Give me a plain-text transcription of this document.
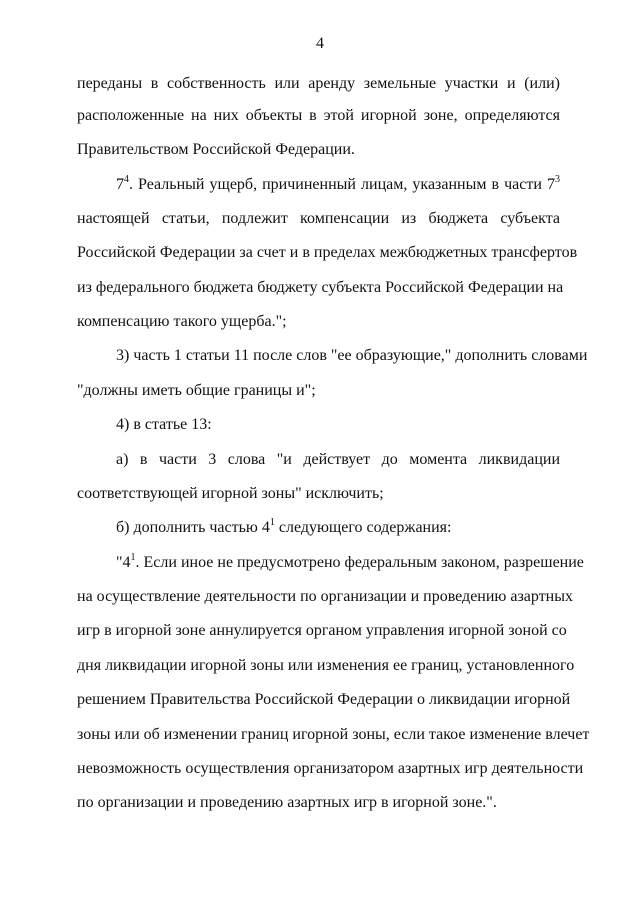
4
переданы в собственность или аренду земельные участки и (или)
расположенные на них объекты в этой игорной зоне, определяются
Правительством Российской Федерации.
$7^4$. Реальный ущерб, причиненный лицам, указанным в части $7^3$
настоящей статьи, подлежит компенсации из бюджета субъекта
Российской Федерации за счет и в пределах межбюджетных трансфертов
из федерального бюджета бюджету субъекта Российской Федерации на
компенсацию такого ущерба.";
3) часть 1 статьи 11 после слов "ее образующие," дополнить словами
"должны иметь общие границы и";
4) в статье 13:
а) в части 3 слова "и действует до момента ликвидации
соответствующей игорной зоны" исключить;
б) дополнить частью $4^1$ следующего содержания:
"$4^1$. Если иное не предусмотрено федеральным законом, разрешение
на осуществление деятельности по организации и проведению азартных
игр в игорной зоне аннулируется органом управления игорной зоной со
дня ликвидации игорной зоны или изменения ее границ, установленного
решением Правительства Российской Федерации о ликвидации игорной
зоны или об изменении границ игорной зоны, если такое изменение влечет
невозможность осуществления организатором азартных игр деятельности
по организации и проведению азартных игр в игорной зоне.".
